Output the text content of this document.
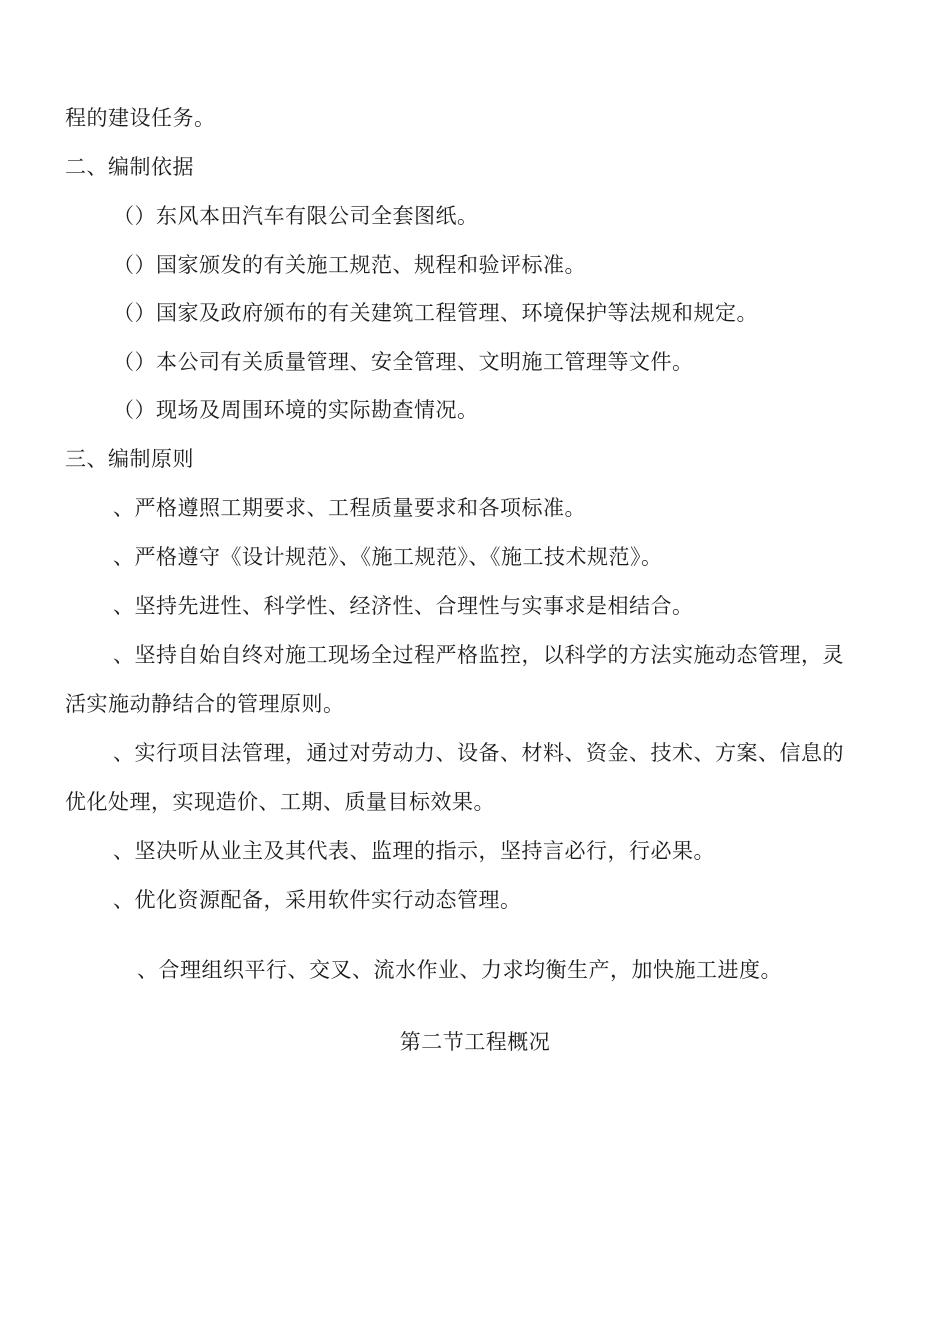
程的建设任务。
二、编制依据
（）东风本田汽车有限公司全套图纸。
（）国家颁发的有关施工规范、规程和验评标准。
（）国家及政府颁布的有关建筑工程管理、环境保护等法规和规定。
（）本公司有关质量管理、安全管理、文明施工管理等文件。
（）现场及周围环境的实际勘查情况。
三、编制原则
、严格遵照工期要求、工程质量要求和各项标准。
、严格遵守《设计规范》、《施工规范》、《施工技术规范》。
、坚持先进性、科学性、经济性、合理性与实事求是相结合。
、坚持自始自终对施工现场全过程严格监控，以科学的方法实施动态管理，灵
活实施动静结合的管理原则。
、实行项目法管理，通过对劳动力、设备、材料、资金、技术、方案、信息的
优化处理，实现造价、工期、质量目标效果。
、坚决听从业主及其代表、监理的指示，坚持言必行，行必果。
、优化资源配备，采用软件实行动态管理。
、合理组织平行、交叉、流水作业、力求均衡生产，加快施工进度。
第二节工程概况
